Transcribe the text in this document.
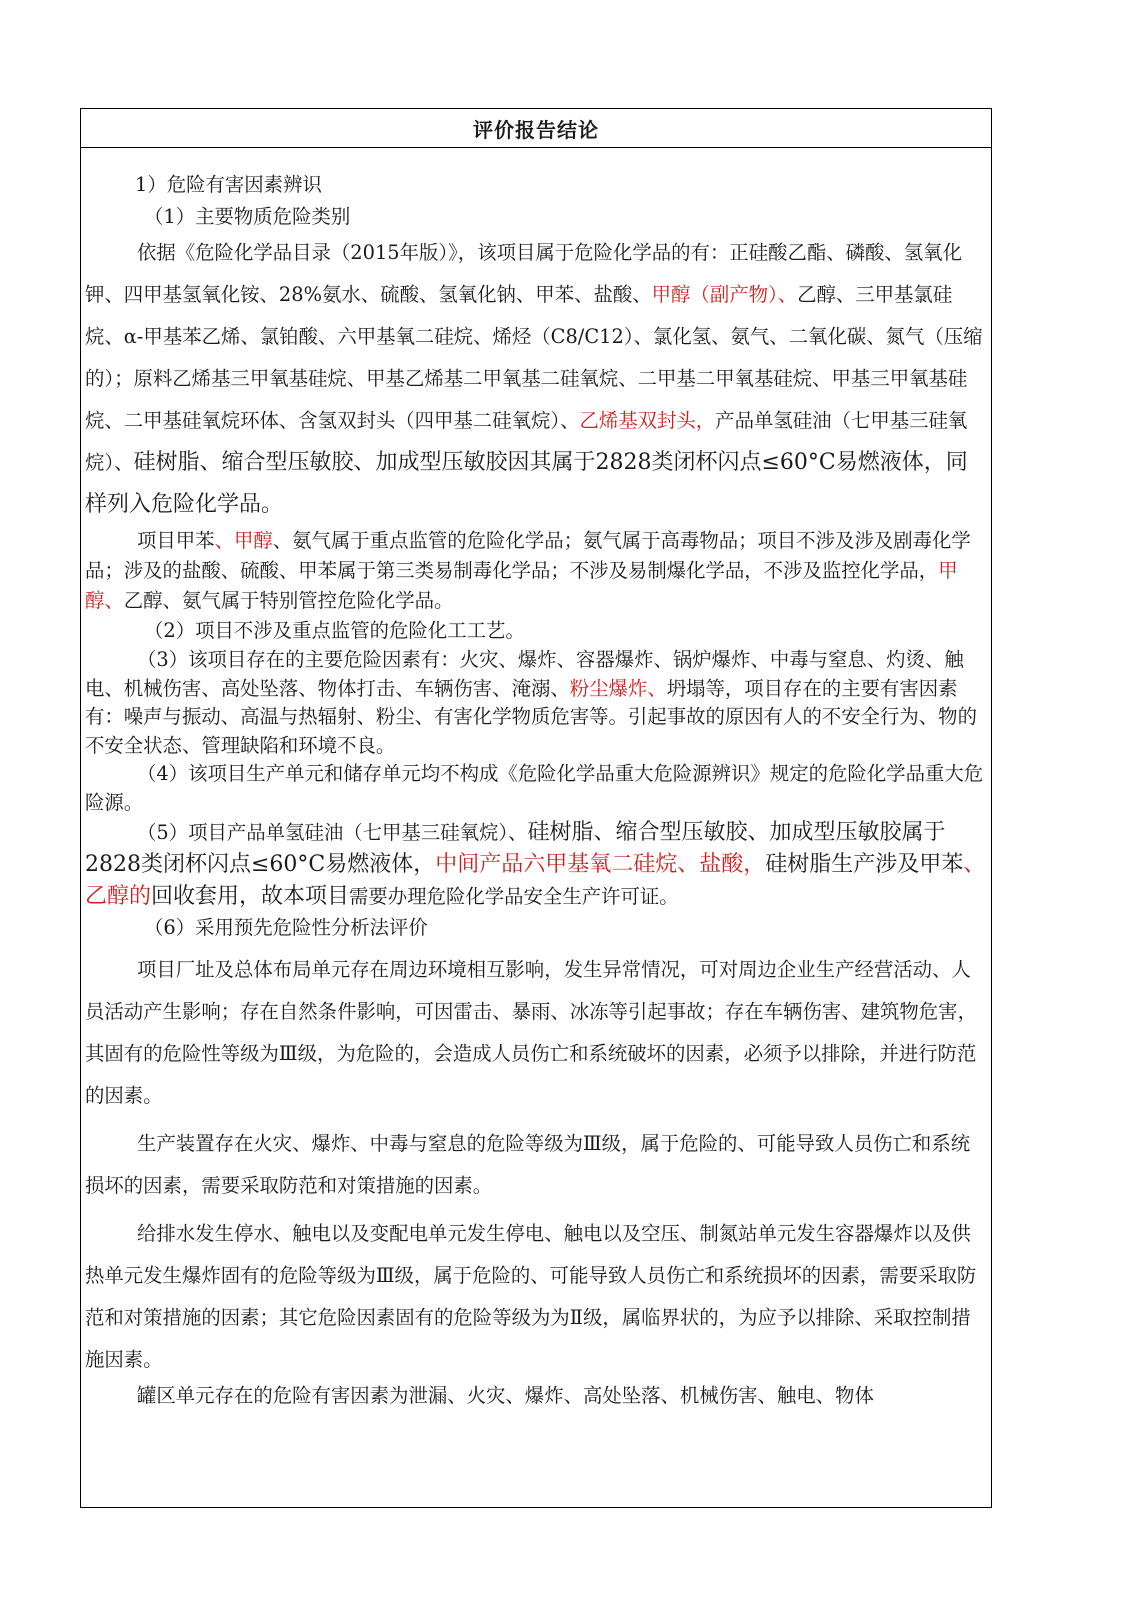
评价报告结论

1）危险有害因素辨识

（1）主要物质危险类别

依据《危险化学品目录（2015年版）》，该项目属于危险化学品的有：正硅酸乙酯、磷酸、氢氧化钾、四甲基氢氧化铵、28%氨水、硫酸、氢氧化钠、甲苯、盐酸、甲醇（副产物）、乙醇、三甲基氯硅烷、α-甲基苯乙烯、氯铂酸、六甲基氧二硅烷、烯烃（C8/C12）、氯化氢、氨气、二氧化碳、氮气（压缩的）；原料乙烯基三甲氧基硅烷、甲基乙烯基二甲氧基二硅氧烷、二甲基二甲氧基硅烷、甲基三甲氧基硅烷、二甲基硅氧烷环体、含氢双封头（四甲基二硅氧烷）、乙烯基双封头，产品单氢硅油（七甲基三硅氧烷）、硅树脂、缩合型压敏胶、加成型压敏胶因其属于2828类闭杯闪点≤60°C易燃液体，同样列入危险化学品。

项目甲苯、甲醇、氨气属于重点监管的危险化学品；氨气属于高毒物品；项目不涉及涉及剧毒化学品；涉及的盐酸、硫酸、甲苯属于第三类易制毒化学品；不涉及易制爆化学品，不涉及监控化学品，甲醇、乙醇、氨气属于特别管控危险化学品。

（2）项目不涉及重点监管的危险化工工艺。

（3）该项目存在的主要危险因素有：火灾、爆炸、容器爆炸、锅炉爆炸、中毒与窒息、灼烫、触电、机械伤害、高处坠落、物体打击、车辆伤害、淹溺、粉尘爆炸、坍塌等，项目存在的主要有害因素有：噪声与振动、高温与热辐射、粉尘、有害化学物质危害等。引起事故的原因有人的不安全行为、物的不安全状态、管理缺陷和环境不良。

（4）该项目生产单元和储存单元均不构成《危险化学品重大危险源辨识》规定的危险化学品重大危险源。

（5）项目产品单氢硅油（七甲基三硅氧烷）、硅树脂、缩合型压敏胶、加成型压敏胶属于2828类闭杯闪点≤60°C易燃液体，中间产品六甲基氧二硅烷、盐酸，硅树脂生产涉及甲苯、乙醇的回收套用，故本项目需要办理危险化学品安全生产许可证。

（6）采用预先危险性分析法评价

项目厂址及总体布局单元存在周边环境相互影响，发生异常情况，可对周边企业生产经营活动、人员活动产生影响；存在自然条件影响，可因雷击、暴雨、冰冻等引起事故；存在车辆伤害、建筑物危害，其固有的危险性等级为Ⅲ级，为危险的，会造成人员伤亡和系统破坏的因素，必须予以排除，并进行防范的因素。

生产装置存在火灾、爆炸、中毒与窒息的危险等级为Ⅲ级，属于危险的、可能导致人员伤亡和系统损坏的因素，需要采取防范和对策措施的因素。

给排水发生停水、触电以及变配电单元发生停电、触电以及空压、制氮站单元发生容器爆炸以及供热单元发生爆炸固有的危险等级为Ⅲ级，属于危险的、可能导致人员伤亡和系统损坏的因素，需要采取防范和对策措施的因素；其它危险因素固有的危险等级为为Ⅱ级，属临界状的，为应予以排除、采取控制措施因素。

罐区单元存在的危险有害因素为泄漏、火灾、爆炸、高处坠落、机械伤害、触电、物体
